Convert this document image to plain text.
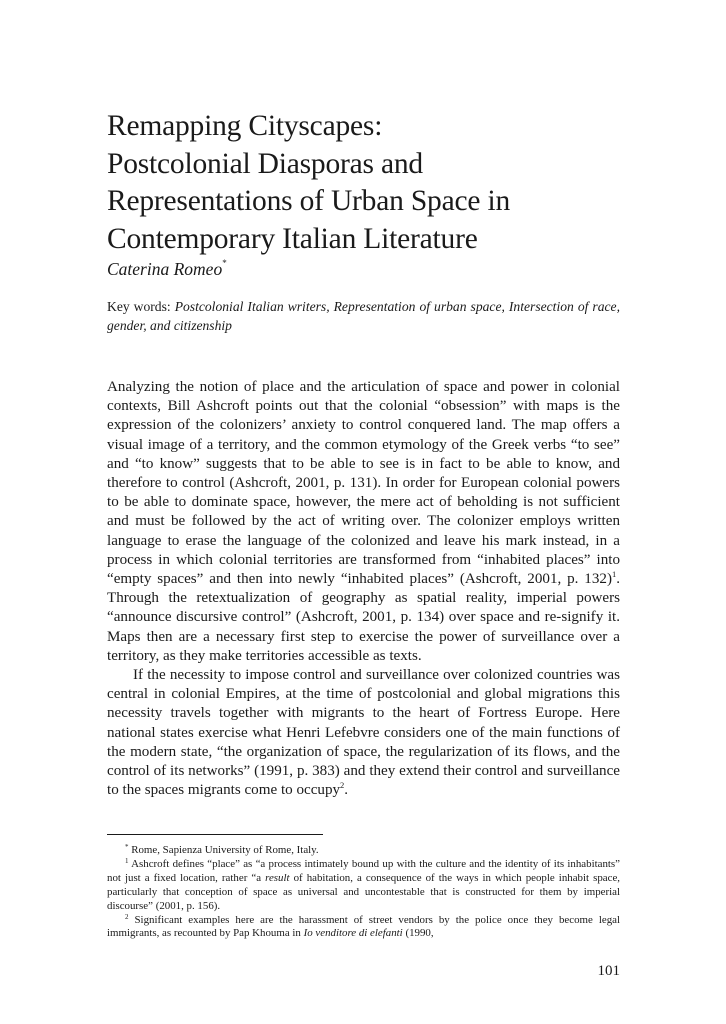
Remapping Cityscapes:
Postcolonial Diasporas and
Representations of Urban Space in
Contemporary Italian Literature
Caterina Romeo*
Key words: Postcolonial Italian writers, Representation of urban space, Intersection of race, gender, and citizenship

Analyzing the notion of place and the articulation of space and power in colonial contexts, Bill Ashcroft points out that the colonial “obsession” with maps is the expression of the colonizers’ anxiety to control conquered land. The map offers a visual image of a territory, and the common etymology of the Greek verbs “to see” and “to know” suggests that to be able to see is in fact to be able to know, and therefore to control (Ashcroft, 2001, p. 131). In order for European colonial powers to be able to dominate space, however, the mere act of beholding is not sufficient and must be followed by the act of writing over. The colonizer employs written language to erase the language of the colonized and leave his mark instead, in a process in which colonial territories are transformed from “inhabited places” into “empty spaces” and then into newly “inhabited places” (Ashcroft, 2001, p. 132)$^1$. Through the retextualization of geography as spatial reality, imperial powers “announce discursive control” (Ashcroft, 2001, p. 134) over space and re-signify it. Maps then are a necessary first step to exercise the power of surveillance over a territory, as they make territories accessible as texts.

If the necessity to impose control and surveillance over colonized countries was central in colonial Empires, at the time of postcolonial and global migrations this necessity travels together with migrants to the heart of Fortress Europe. Here national states exercise what Henri Lefebvre considers one of the main functions of the modern state, “the organization of space, the regularization of its flows, and the control of its networks” (1991, p. 383) and they extend their control and surveillance to the spaces migrants come to occupy$^2$.

* Rome, Sapienza University of Rome, Italy.

$^1$ Ashcroft defines “place” as “a process intimately bound up with the culture and the identity of its inhabitants” not just a fixed location, rather “a result of habitation, a consequence of the ways in which people inhabit space, particularly that conception of space as universal and uncontestable that is constructed for them by imperial discourse” (2001, p. 156).

$^2$ Significant examples here are the harassment of street vendors by the police once they become legal immigrants, as recounted by Pap Khouma in Io venditore di elefanti (1990,

101
